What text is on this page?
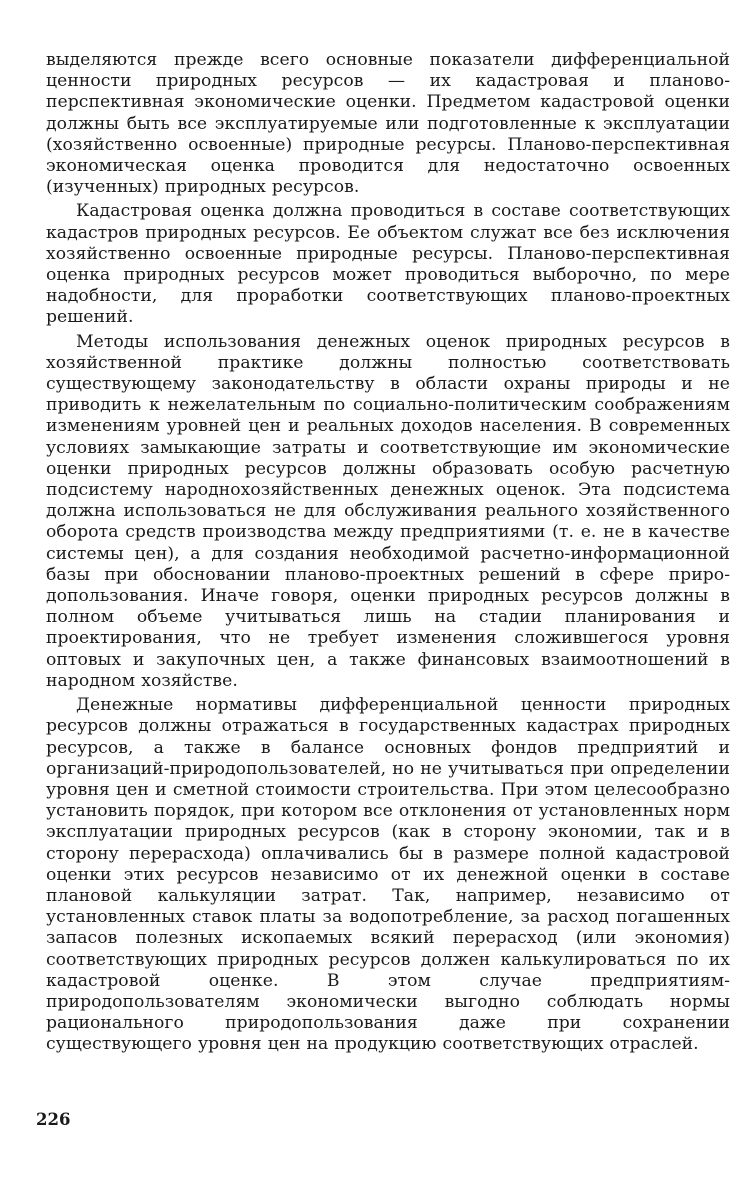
выделяются прежде всего основные показатели дифференциальной ценности природных ресурсов — их кадастровая и плановоперспективная экономические оценки. Предметом кадастровой оценки должны быть все эксплуатируемые или подготовленные к эксплуатации (хозяйственно освоенные) природные ресурсы. Планово-перспективная экономическая оценка проводится для недостаточно освоенных (изученных) природных ресурсов.

Кадастровая оценка должна проводиться в составе соответствующих кадастров природных ресурсов. Ее объектом служат все без исключения хозяйственно освоенные природные ресурсы. Планово-перспективная оценка природных ресурсов может проводиться выборочно, по мере надобности, для проработки соответствующих планово-проектных решений.

Методы использования денежных оценок природных ресурсов в хозяйственной практике должны полностью соответствовать существующему законодательству в области охраны природы и не приводить к нежелательным по социально-политическим соображениям изменениям уровней цен и реальных доходов населения. В современных условиях замыкающие затраты и соответствующие им экономические оценки природных ресурсов должны образовать особую расчетную подсистему народнохозяйственных денежных оценок. Эта подсистема должна использоваться не для обслуживания реального хозяйственного оборота средств производства между предприятиями (т. е. не в качестве системы цен), а для создания необходимой расчетно-информационной базы при обосновании планово-проектных решений в сфере природопользования. Иначе говоря, оценки природных ресурсов должны в полном объеме учитываться лишь на стадии планирования и проектирования, что не требует изменения сложившегося уровня оптовых и закупочных цен, а также финансовых взаимоотношений в народном хозяйстве.

Денежные нормативы дифференциальной ценности природных ресурсов должны отражаться в государственных кадастрах природных ресурсов, а также в балансе основных фондов предприятий и организаций-природопользователей, но не учитываться при определении уровня цен и сметной стоимости строительства. При этом целесообразно установить порядок, при котором все отклонения от установленных норм эксплуатации природных ресурсов (как в сторону экономии, так и в сторону перерасхода) оплачивались бы в размере полной кадастровой оценки этих ресурсов независимо от их денежной оценки в составе плановой калькуляции затрат. Так, например, независимо от установленных ставок платы за водопотребление, за расход погашенных запасов полезных ископаемых всякий перерасход (или экономия) соответствующих природных ресурсов должен калькулироваться по их кадастровой оценке. В этом случае предприятиям-природопользователям экономически выгодно соблюдать нормы рационального природопользования даже при сохранении существующего уровня цен на продукцию соответствующих отраслей.

226
